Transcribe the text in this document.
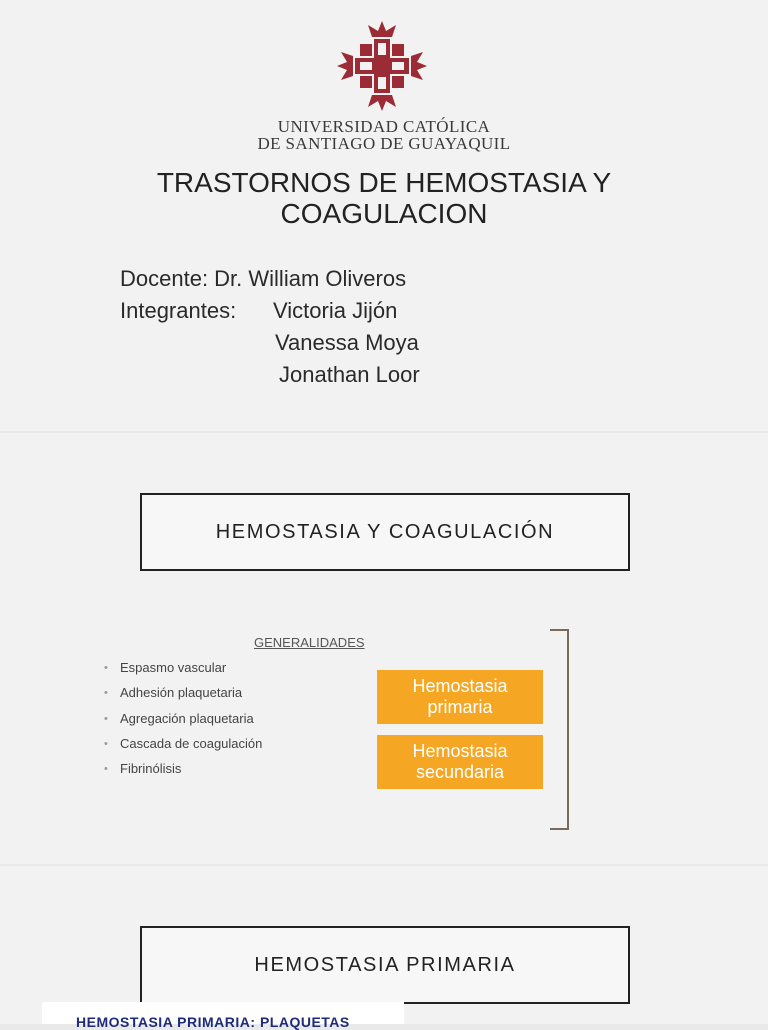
UNIVERSIDAD CATÓLICA
DE SANTIAGO DE GUAYAQUIL
TRASTORNOS DE HEMOSTASIA Y
COAGULACION
Docente: Dr. William Oliveros
Integrantes: Victoria Jijón
Vanessa Moya
Jonathan Loor
HEMOSTASIA Y COAGULACIÓN
GENERALIDADES
• Espasmo vascular
• Adhesión plaquetaria
• Agregación plaquetaria
• Cascada de coagulación
• Fibrinólisis
Hemostasia
primaria
Hemostasia
secundaria
HEMOSTASIA PRIMARIA
HEMOSTASIA PRIMARIA: PLAQUETAS
